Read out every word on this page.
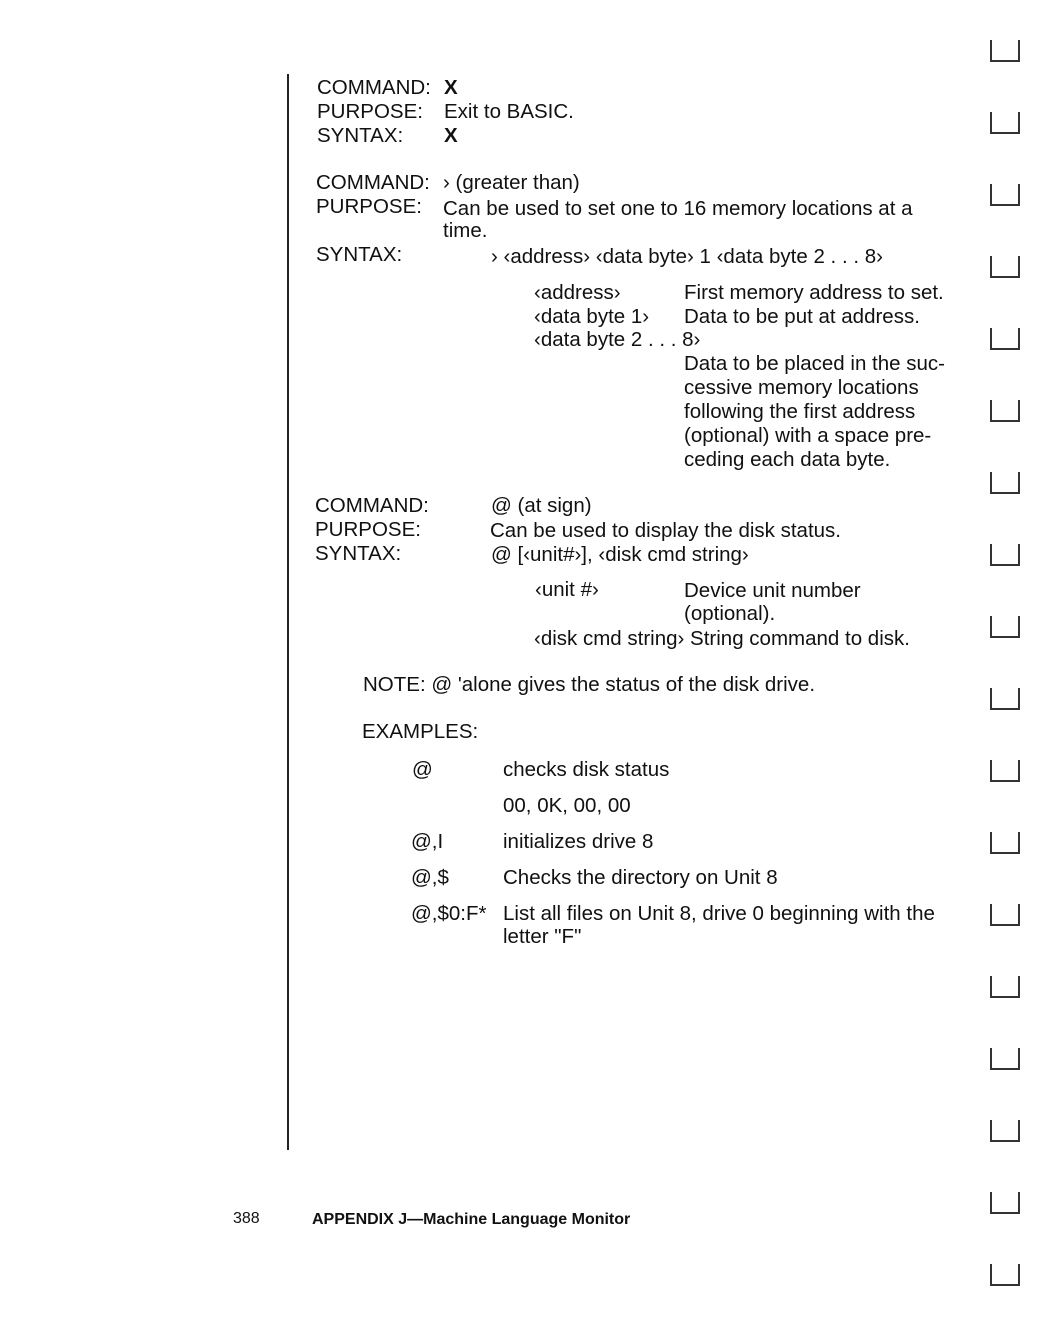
COMMAND: X
PURPOSE: Exit to BASIC.
SYNTAX: X
COMMAND: › (greater than)
PURPOSE: Can be used to set one to 16 memory locations at a
time.
SYNTAX:	› ‹address› ‹data byte› 1 ‹data byte 2 . . . 8›
‹address›	First memory address to set.
‹data byte 1› Data to be put at address.
‹data byte 2 . . . 8›
Data to be placed in the suc-
cessive memory locations
following the first address
(optional) with a space pre-
ceding each data byte.
COMMAND:	@ (at sign)
PURPOSE:	Can be used to display the disk status.
SYNTAX:	@ [‹unit#›], ‹disk cmd string›
‹unit #›	Device unit number
(optional).
‹disk cmd string› String command to disk.
NOTE: @ 'alone gives the status of the disk drive.
EXAMPLES:
@	checks disk status
00, 0K, 00, 00
@,I	initializes drive 8
@,$	Checks the directory on Unit 8
@,$0:F* List all files on Unit 8, drive 0 beginning with the
letter "F"
388	APPENDIX J—Machine Language Monitor
